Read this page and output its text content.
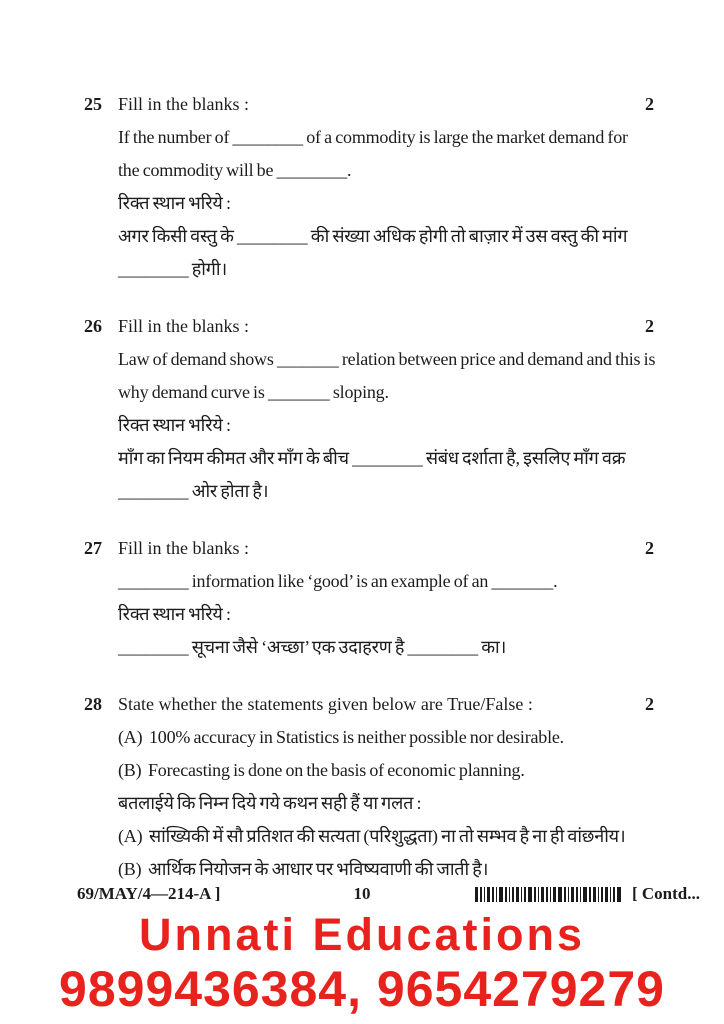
25 Fill in the blanks :	2
If the number of ________ of a commodity is large the market demand for
the commodity will be ________.
रिक्त स्थान भरिये :
अगर किसी वस्तु के ________ की संख्या अधिक होगी तो बाज़ार में उस वस्तु की मांग
________ होगी।
26 Fill in the blanks :	2
Law of demand shows _______ relation between price and demand and this is
why demand curve is _______ sloping.
रिक्त स्थान भरिये :
माँग का नियम कीमत और माँग के बीच ________ संबंध दर्शाता है, इसलिए माँग वक्र
________ ओर होता है।
27 Fill in the blanks :	2
________ information like ‘good’ is an example of an _______.
रिक्त स्थान भरिये :
________ सूचना जैसे ‘अच्छा’ एक उदाहरण है ________ का।
28 State whether the statements given below are True/False :	2
(A)  100% accuracy in Statistics is neither possible nor desirable.
(B)  Forecasting is done on the basis of economic planning.
बतलाईये कि निम्न दिये गये कथन सही हैं या गलत :
(A)  सांख्यिकी में सौ प्रतिशत की सत्यता (परिशुद्धता) ना तो सम्भव है ना ही वांछनीय।
(B)  आर्थिक नियोजन के आधार पर भविष्यवाणी की जाती है।
69/MAY/4—214-A ]	10	[ Contd...
Unnati Educations
9899436384, 9654279279
